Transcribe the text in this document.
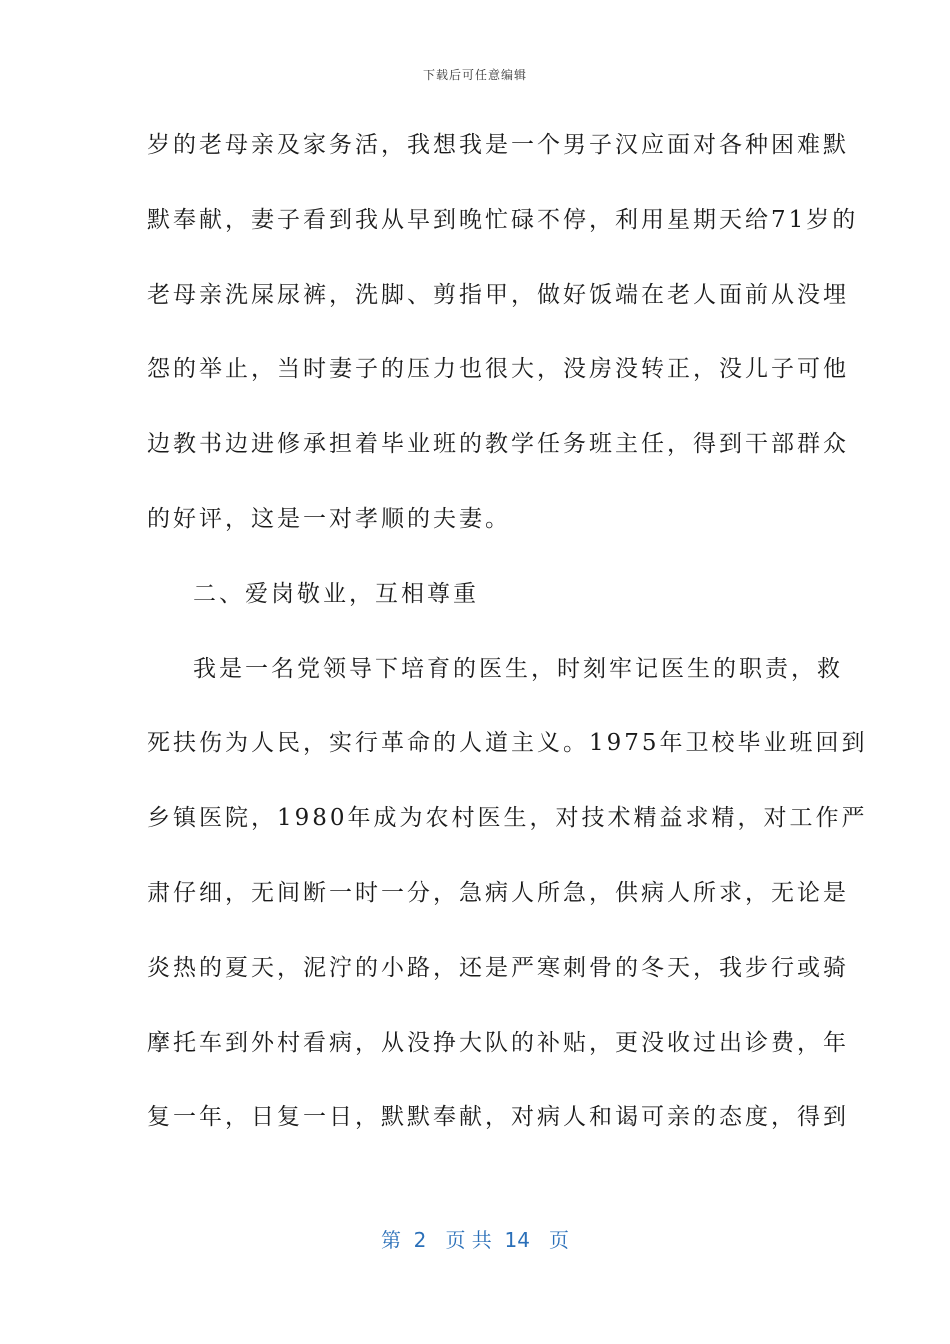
下载后可任意编辑
岁的老母亲及家务活，我想我是一个男子汉应面对各种困难默
默奉献，妻子看到我从早到晚忙碌不停，利用星期天给71岁的
老母亲洗屎尿裤，洗脚、剪指甲，做好饭端在老人面前从没埋
怨的举止，当时妻子的压力也很大，没房没转正，没儿子可他
边教书边进修承担着毕业班的教学任务班主任，得到干部群众
的好评，这是一对孝顺的夫妻。
二、爱岗敬业，互相尊重
我是一名党领导下培育的医生，时刻牢记医生的职责，救
死扶伤为人民，实行革命的人道主义。1975年卫校毕业班回到
乡镇医院，1980年成为农村医生，对技术精益求精，对工作严
肃仔细，无间断一时一分，急病人所急，供病人所求，无论是
炎热的夏天，泥泞的小路，还是严寒刺骨的冬天，我步行或骑
摩托车到外村看病，从没挣大队的补贴，更没收过出诊费，年
复一年，日复一日，默默奉献，对病人和谒可亲的态度，得到
第  2   页 共  14   页
